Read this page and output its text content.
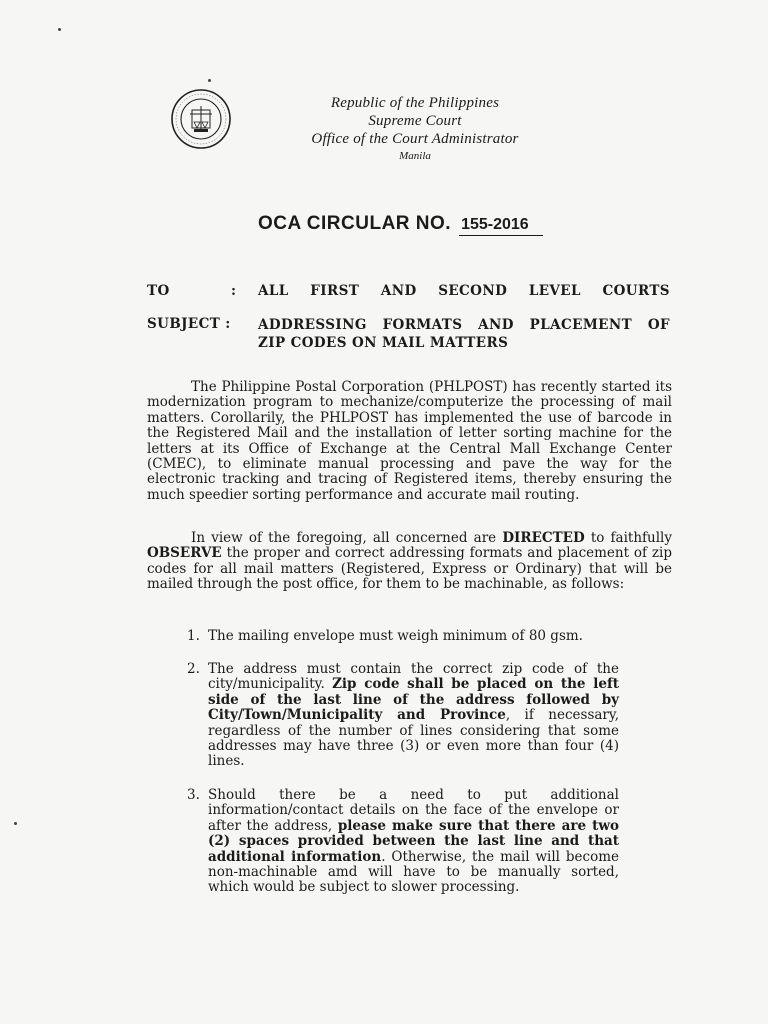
Republic of the Philippines
Supreme Court
Office of the Court Administrator
Manila
OCA CIRCULAR NO. 155-2016
TO	: ALL FIRST AND SECOND LEVEL COURTS
SUBJECT : ADDRESSING FORMATS AND PLACEMENT OF
ZIP CODES ON MAIL MATTERS
The Philippine Postal Corporation (PHLPOST) has recently started its modernization program to mechanize/computerize the processing of mail matters. Corollarily, the PHLPOST has implemented the use of barcode in the Registered Mail and the installation of letter sorting machine for the letters at its Office of Exchange at the Central Mall Exchange Center (CMEC), to eliminate manual processing and pave the way for the electronic tracking and tracing of Registered items, thereby ensuring the much speedier sorting performance and accurate mail routing.
In view of the foregoing, all concerned are DIRECTED to faithfully OBSERVE the proper and correct addressing formats and placement of zip codes for all mail matters (Registered, Express or Ordinary) that will be mailed through the post office, for them to be machinable, as follows:
1. The mailing envelope must weigh minimum of 80 gsm.
2. The address must contain the correct zip code of the city/municipality. Zip code shall be placed on the left side of the last line of the address followed by City/Town/Municipality and Province, if necessary, regardless of the number of lines considering that some addresses may have three (3) or even more than four (4) lines.
3. Should there be a need to put additional information/contact details on the face of the envelope or after the address, please make sure that there are two (2) spaces provided between the last line and that additional information. Otherwise, the mail will become non-machinable amd will have to be manually sorted, which would be subject to slower processing.
